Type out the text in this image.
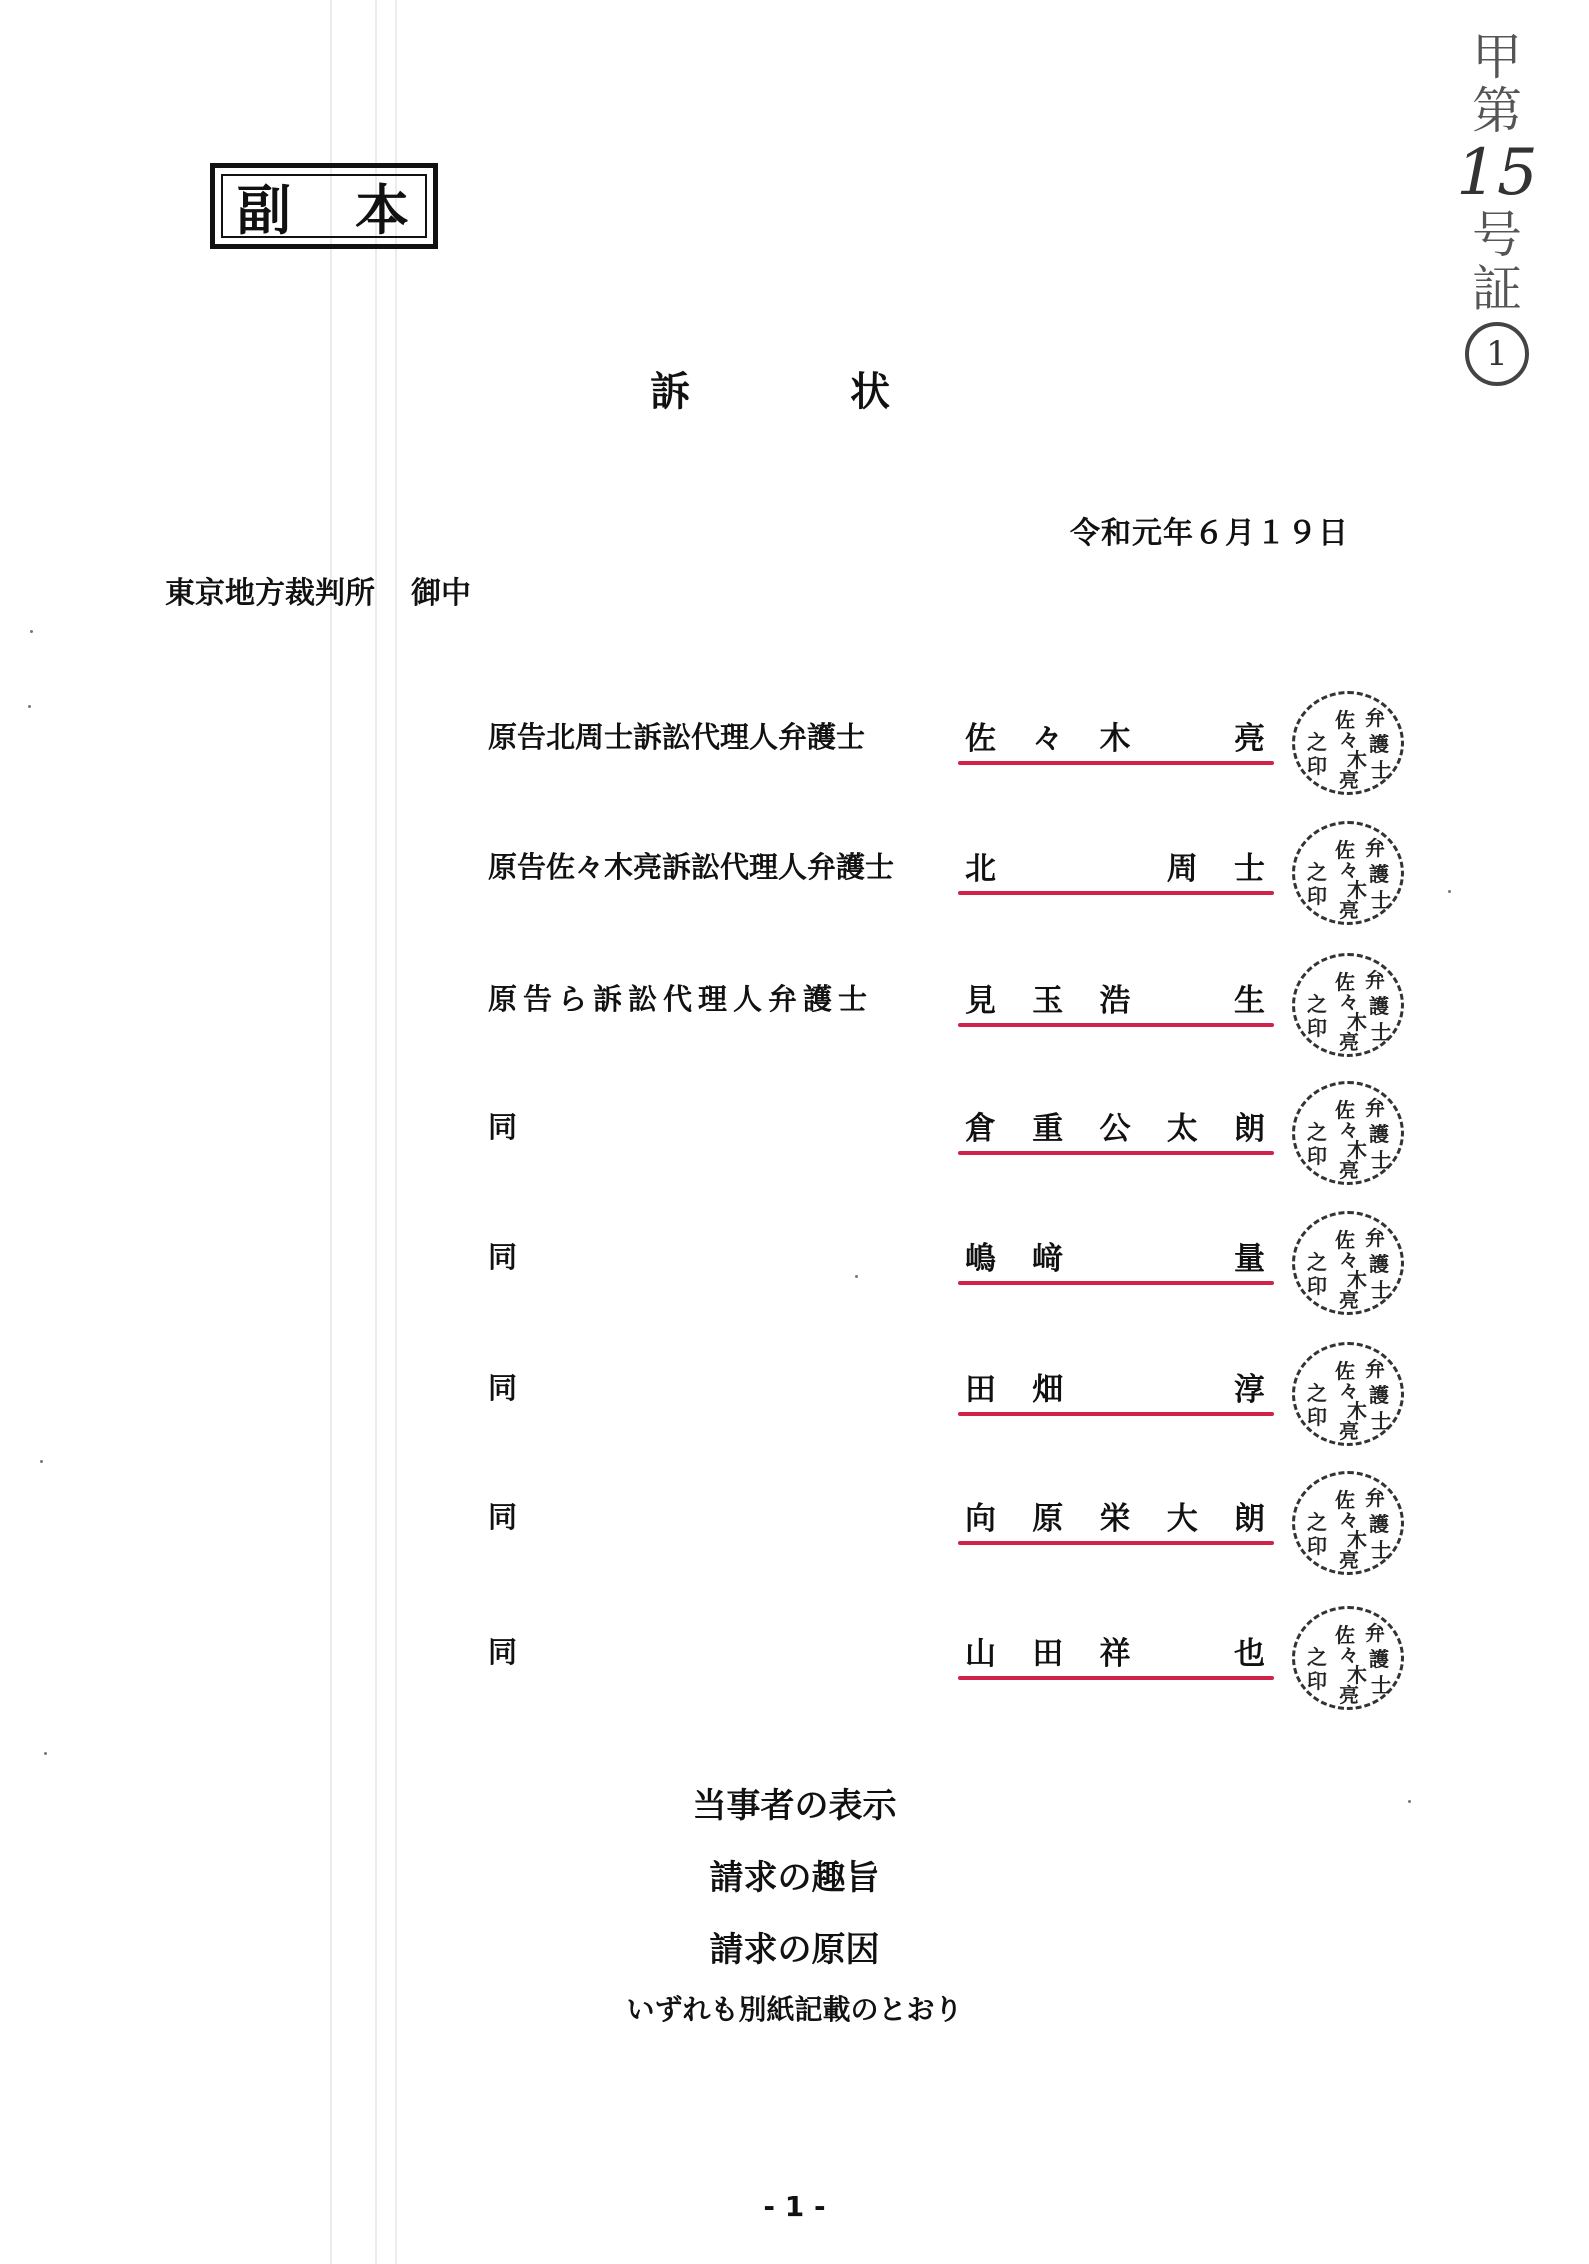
副 本
甲
第
15
号
証
1
訴	状
令和元年６月１９日
東京地方裁判所 御中
原告北周士訴訟代理人弁護士	佐 々 木	亮
弁
護
士
佐
々
木
亮
之
印
原告佐々木亮訴訟代理人弁護士	北	周 士
弁
護
士
佐
々
木
亮
之
印
原告ら訴訟代理人弁護士	見 玉 浩	生
弁
護
士
佐
々
木
亮
之
印
同	倉 重 公 太 朗
弁
護
士
佐
々
木
亮
之
印
同	嶋 﨑	量
弁
護
士
佐
々
木
亮
之
印
同	田 畑	淳
弁
護
士
佐
々
木
亮
之
印
同	向 原 栄 大 朗
弁
護
士
佐
々
木
亮
之
印
同	山 田 祥	也
弁
護
士
佐
々
木
亮
之
印
当事者の表示
請求の趣旨
請求の原因
いずれも別紙記載のとおり
- 1 -
